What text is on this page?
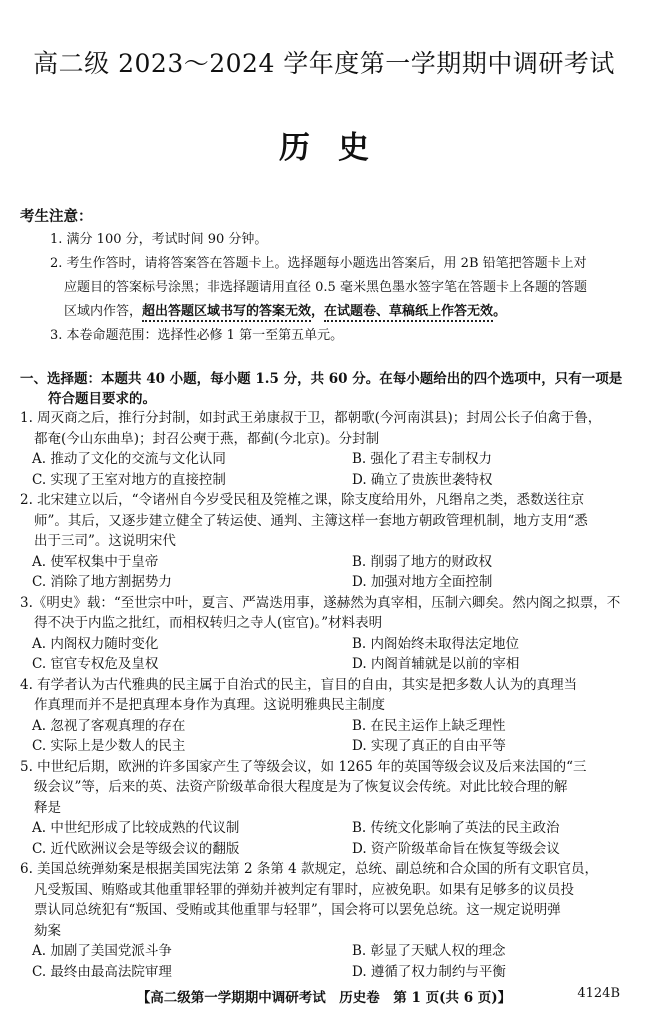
高二级 2023～2024 学年度第一学期期中调研考试
历史
考生注意：

1. 满分 100 分，考试时间 90 分钟。

2. 考生作答时，请将答案答在答题卡上。选择题每小题选出答案后，用 2B 铅笔把答题卡上对

应题目的答案标号涂黑；非选择题请用直径 0.5 毫米黑色墨水签字笔在答题卡上各题的答题

区域内作答，超出答题区域书写的答案无效，在试题卷、草稿纸上作答无效。

3. 本卷命题范围：选择性必修 1 第一至第五单元。

一、选择题：本题共 40 小题，每小题 1.5 分，共 60 分。在每小题给出的四个选项中，只有一项是
符合题目要求的。

1. 周灭商之后，推行分封制，如封武王弟康叔于卫，都朝歌(今河南淇县)；封周公长子伯禽于鲁，
都奄(今山东曲阜)；封召公奭于燕，都蓟(今北京)。分封制

A. 推动了文化的交流与文化认同	B. 强化了君主专制权力
C. 实现了王室对地方的直接控制	D. 确立了贵族世袭特权

2. 北宋建立以后，“令诸州自今岁受民租及筦榷之课，除支度给用外，凡缗帛之类，悉数送往京
师”。其后，又逐步建立健全了转运使、通判、主簿这样一套地方朝政管理机制，地方支用“悉
出于三司”。这说明宋代

A. 使军权集中于皇帝	B. 削弱了地方的财政权
C. 消除了地方割据势力	D. 加强对地方全面控制

3.《明史》载：“至世宗中叶，夏言、严嵩迭用事，遂赫然为真宰相，压制六卿矣。然内阁之拟票，不
得不决于内监之批红，而相权转归之寺人(宦官)。”材料表明

A. 内阁权力随时变化	B. 内阁始终未取得法定地位
C. 宦官专权危及皇权	D. 内阁首辅就是以前的宰相

4. 有学者认为古代雅典的民主属于自治式的民主，盲目的自由，其实是把多数人认为的真理当
作真理而并不是把真理本身作为真理。这说明雅典民主制度

A. 忽视了客观真理的存在	B. 在民主运作上缺乏理性
C. 实际上是少数人的民主	D. 实现了真正的自由平等

5. 中世纪后期，欧洲的许多国家产生了等级会议，如 1265 年的英国等级会议及后来法国的“三
级会议”等，后来的英、法资产阶级革命很大程度是为了恢复议会传统。对此比较合理的解
释是

A. 中世纪形成了比较成熟的代议制	B. 传统文化影响了英法的民主政治
C. 近代欧洲议会是等级会议的翻版	D. 资产阶级革命旨在恢复等级会议

6. 美国总统弹劾案是根据美国宪法第 2 条第 4 款规定，总统、副总统和合众国的所有文职官员，
凡受叛国、贿赂或其他重罪轻罪的弹劾并被判定有罪时，应被免职。如果有足够多的议员投
票认同总统犯有“叛国、受贿或其他重罪与轻罪”，国会将可以罢免总统。这一规定说明弹
劾案

A. 加剧了美国党派斗争	B. 彰显了天赋人权的理念
C. 最终由最高法院审理	D. 遵循了权力制约与平衡
【高二级第一学期期中调研考试　历史卷　第 1 页(共 6 页)】	4124B
